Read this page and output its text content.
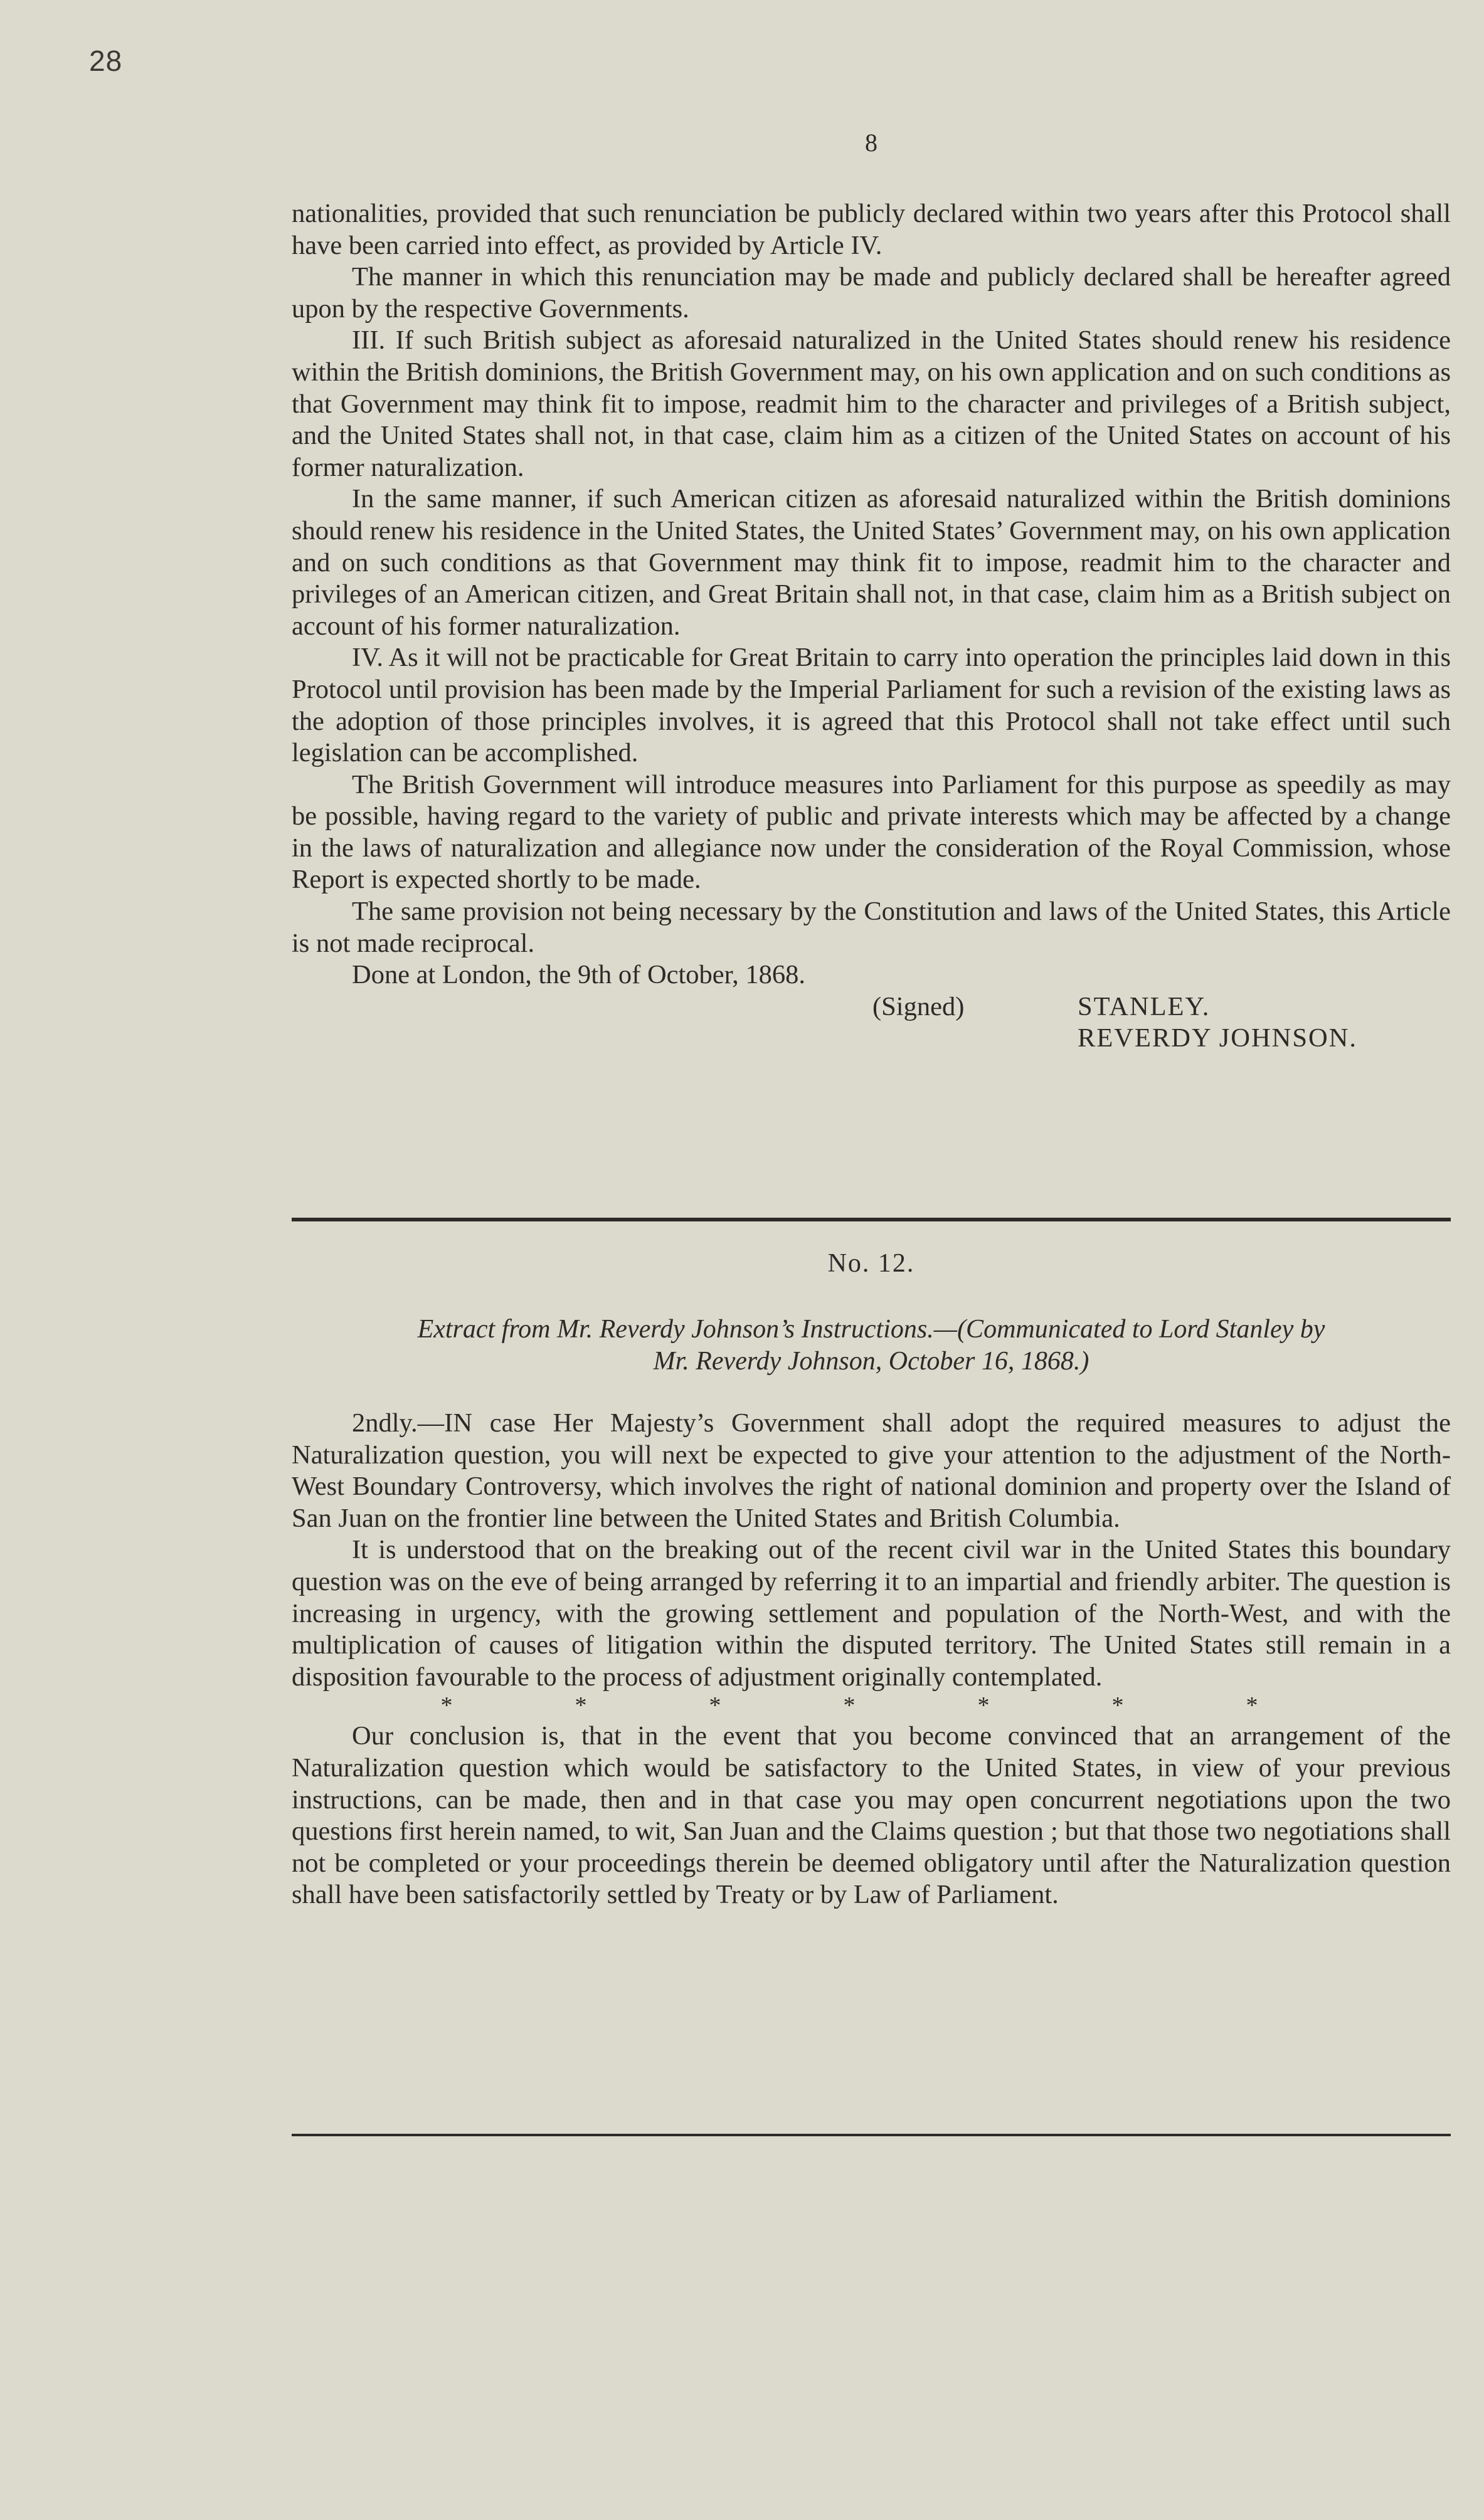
28
8

nationalities, provided that such renunciation be publicly declared within two years after this Protocol shall have been carried into effect, as provided by Article IV.

The manner in which this renunciation may be made and publicly declared shall be hereafter agreed upon by the respective Governments.

III. If such British subject as aforesaid naturalized in the United States should renew his residence within the British dominions, the British Government may, on his own application and on such conditions as that Government may think fit to impose, readmit him to the character and privileges of a British subject, and the United States shall not, in that case, claim him as a citizen of the United States on account of his former naturalization.

In the same manner, if such American citizen as aforesaid naturalized within the British dominions should renew his residence in the United States, the United States’ Government may, on his own application and on such conditions as that Government may think fit to impose, readmit him to the character and privileges of an American citizen, and Great Britain shall not, in that case, claim him as a British subject on account of his former naturalization.

IV. As it will not be practicable for Great Britain to carry into operation the principles laid down in this Protocol until provision has been made by the Imperial Parliament for such a revision of the existing laws as the adoption of those principles involves, it is agreed that this Protocol shall not take effect until such legislation can be accomplished.

The British Government will introduce measures into Parliament for this purpose as speedily as may be possible, having regard to the variety of public and private interests which may be affected by a change in the laws of naturalization and allegiance now under the consideration of the Royal Commission, whose Report is expected shortly to be made.

The same provision not being necessary by the Constitution and laws of the United States, this Article is not made reciprocal.

Done at London, the 9th of October, 1868.

(Signed)	STANLEY.
REVERDY JOHNSON.
No. 12.
Extract from Mr. Reverdy Johnson’s Instructions.—(Communicated to Lord Stanley by
Mr. Reverdy Johnson, October 16, 1868.)

2ndly.—IN case Her Majesty’s Government shall adopt the required measures to adjust the Naturalization question, you will next be expected to give your attention to the adjustment of the North-West Boundary Controversy, which involves the right of national dominion and property over the Island of San Juan on the frontier line between the United States and British Columbia.

It is understood that on the breaking out of the recent civil war in the United States this boundary question was on the eve of being arranged by referring it to an impartial and friendly arbiter. The question is increasing in urgency, with the growing settlement and population of the North-West, and with the multiplication of causes of litigation within the disputed territory. The United States still remain in a disposition favourable to the process of adjustment originally contemplated.

*	*	*	*	*	*	*

Our conclusion is, that in the event that you become convinced that an arrangement of the Naturalization question which would be satisfactory to the United States, in view of your previous instructions, can be made, then and in that case you may open concurrent negotiations upon the two questions first herein named, to wit, San Juan and the Claims question ; but that those two negotiations shall not be completed or your proceedings therein be deemed obligatory until after the Naturalization question shall have been satisfactorily settled by Treaty or by Law of Parliament.
